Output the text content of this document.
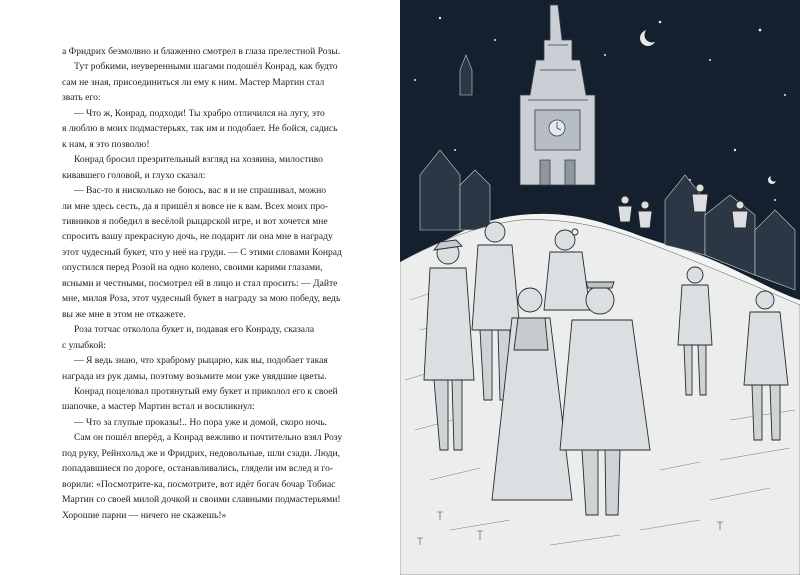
а Фридрих безмолвно и блаженно смотрел в глаза прелестной Розы.
Тут робкими, неуверенными шагами подошёл Конрад, как будто
сам не зная, присоединиться ли ему к ним. Мастер Мартин стал
звать его:
— Что ж, Конрад, подходи! Ты храбро отличился на лугу, это
я люблю в моих подмастерьях, так им и подобает. Не бойся, садись
к нам, я это позволю!
Конрад бросил презрительный взгляд на хозяина, милостиво
кивавшего головой, и глухо сказал:
— Вас-то я нисколько не боюсь, вас я и не спрашивал, можно
ли мне здесь сесть, да я пришёл я вовсе не к вам. Всех моих про-
тивников я победил в весёлой рыцарской игре, и вот хочется мне
спросить вашу прекрасную дочь, не подарит ли она мне в награду
этот чудесный букет, что у неё на груди. — С этими словами Конрад
опустился перед Розой на одно колено, своими карими глазами,
ясными и честными, посмотрел ей в лицо и стал просить: — Дайте
мне, милая Роза, этот чудесный букет в награду за мою победу, ведь
вы же мне в этом не откажете.
Роза тотчас отколола букет и, подавая его Конраду, сказала
с улыбкой:
— Я ведь знаю, что храброму рыцарю, как вы, подобает такая
награда из рук дамы, поэтому возьмите мои уже увядшие цветы.
Конрад поцеловал протянутый ему букет и приколол его к своей
шапочке, а мастер Мартин встал и воскликнул:
— Что за глупые проказы!.. Но пора уже и домой, скоро ночь.
Сам он пошёл вперёд, а Конрад вежливо и почтительно взял Розу
под руку, Рейнхольд же и Фридрих, недовольные, шли сзади. Люди,
попадавшиеся по дороге, останавливались, глядели им вслед и го-
ворили: «Посмотрите-ка, посмотрите, вот идёт богач бочар Тобиас
Мартин со своей милой дочкой и своими славными подмастерьями!
Хорошие парни — ничего не скажешь!»
